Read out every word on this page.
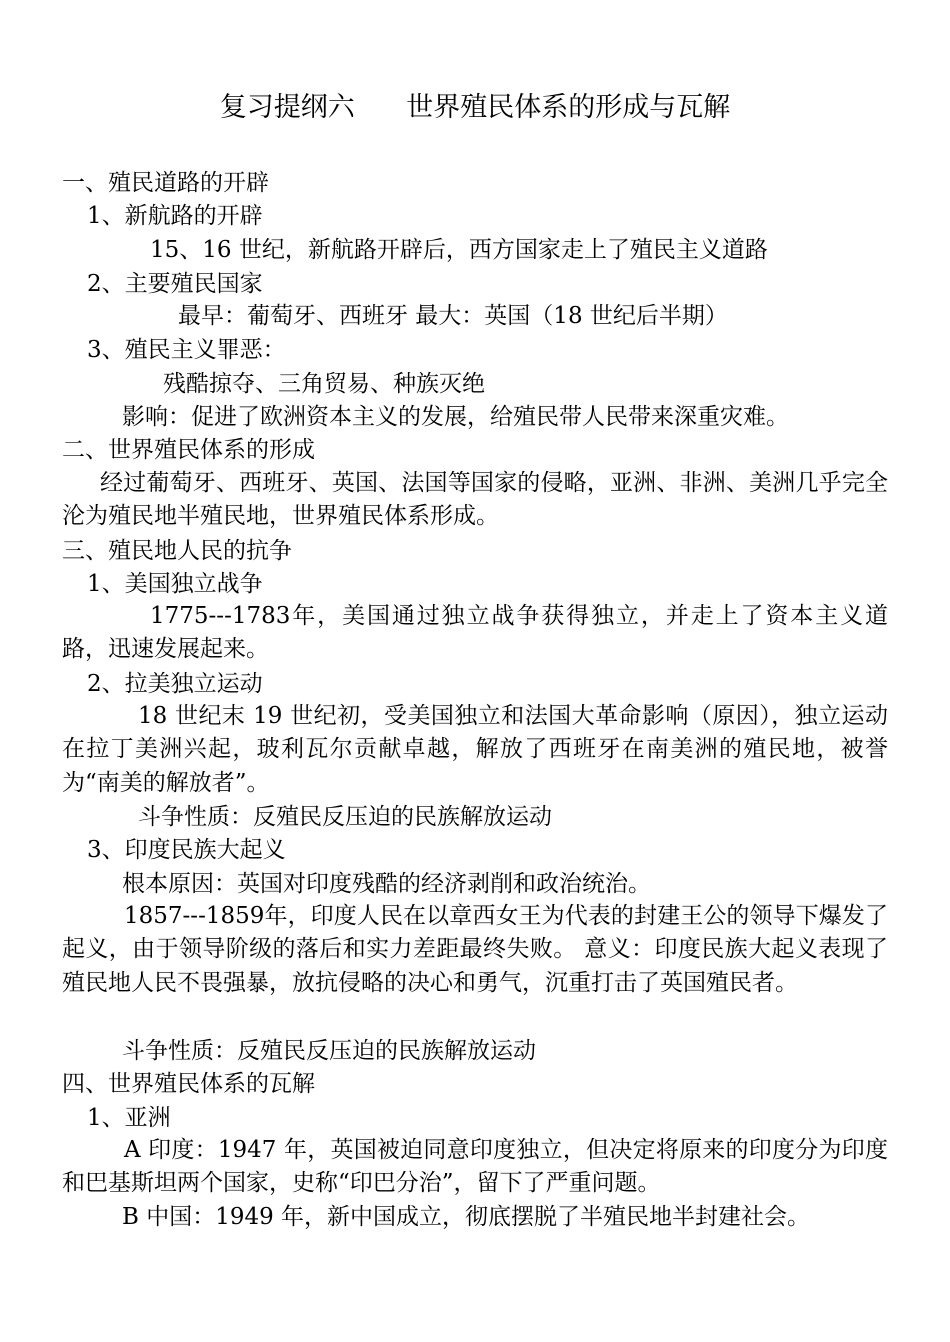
复习提纲六      世界殖民体系的形成与瓦解
一、殖民道路的开辟
1、新航路的开辟
15、16 世纪，新航路开辟后，西方国家走上了殖民主义道路
2、主要殖民国家
最早：葡萄牙、西班牙 最大：英国（18 世纪后半期）
3、殖民主义罪恶：
残酷掠夺、三角贸易、种族灭绝
影响：促进了欧洲资本主义的发展，给殖民带人民带来深重灾难。
二、世界殖民体系的形成
经过葡萄牙、西班牙、英国、法国等国家的侵略，亚洲、非洲、美洲几乎完全沦为殖民地半殖民地，世界殖民体系形成。
三、殖民地人民的抗争
1、美国独立战争
1775---1783年，美国通过独立战争获得独立，并走上了资本主义道路，迅速发展起来。
2、拉美独立运动
18 世纪末 19 世纪初，受美国独立和法国大革命影响（原因），独立运动在拉丁美洲兴起，玻利瓦尔贡献卓越，解放了西班牙在南美洲的殖民地，被誉为“南美的解放者”。
斗争性质：反殖民反压迫的民族解放运动
3、印度民族大起义
根本原因：英国对印度残酷的经济剥削和政治统治。
1857---1859年，印度人民在以章西女王为代表的封建王公的领导下爆发了起义，由于领导阶级的落后和实力差距最终失败。 意义：印度民族大起义表现了殖民地人民不畏强暴，放抗侵略的决心和勇气，沉重打击了英国殖民者。
斗争性质：反殖民反压迫的民族解放运动
四、世界殖民体系的瓦解
1、亚洲
A 印度：1947 年，英国被迫同意印度独立，但决定将原来的印度分为印度和巴基斯坦两个国家，史称“印巴分治”，留下了严重问题。
B 中国：1949 年，新中国成立，彻底摆脱了半殖民地半封建社会。
